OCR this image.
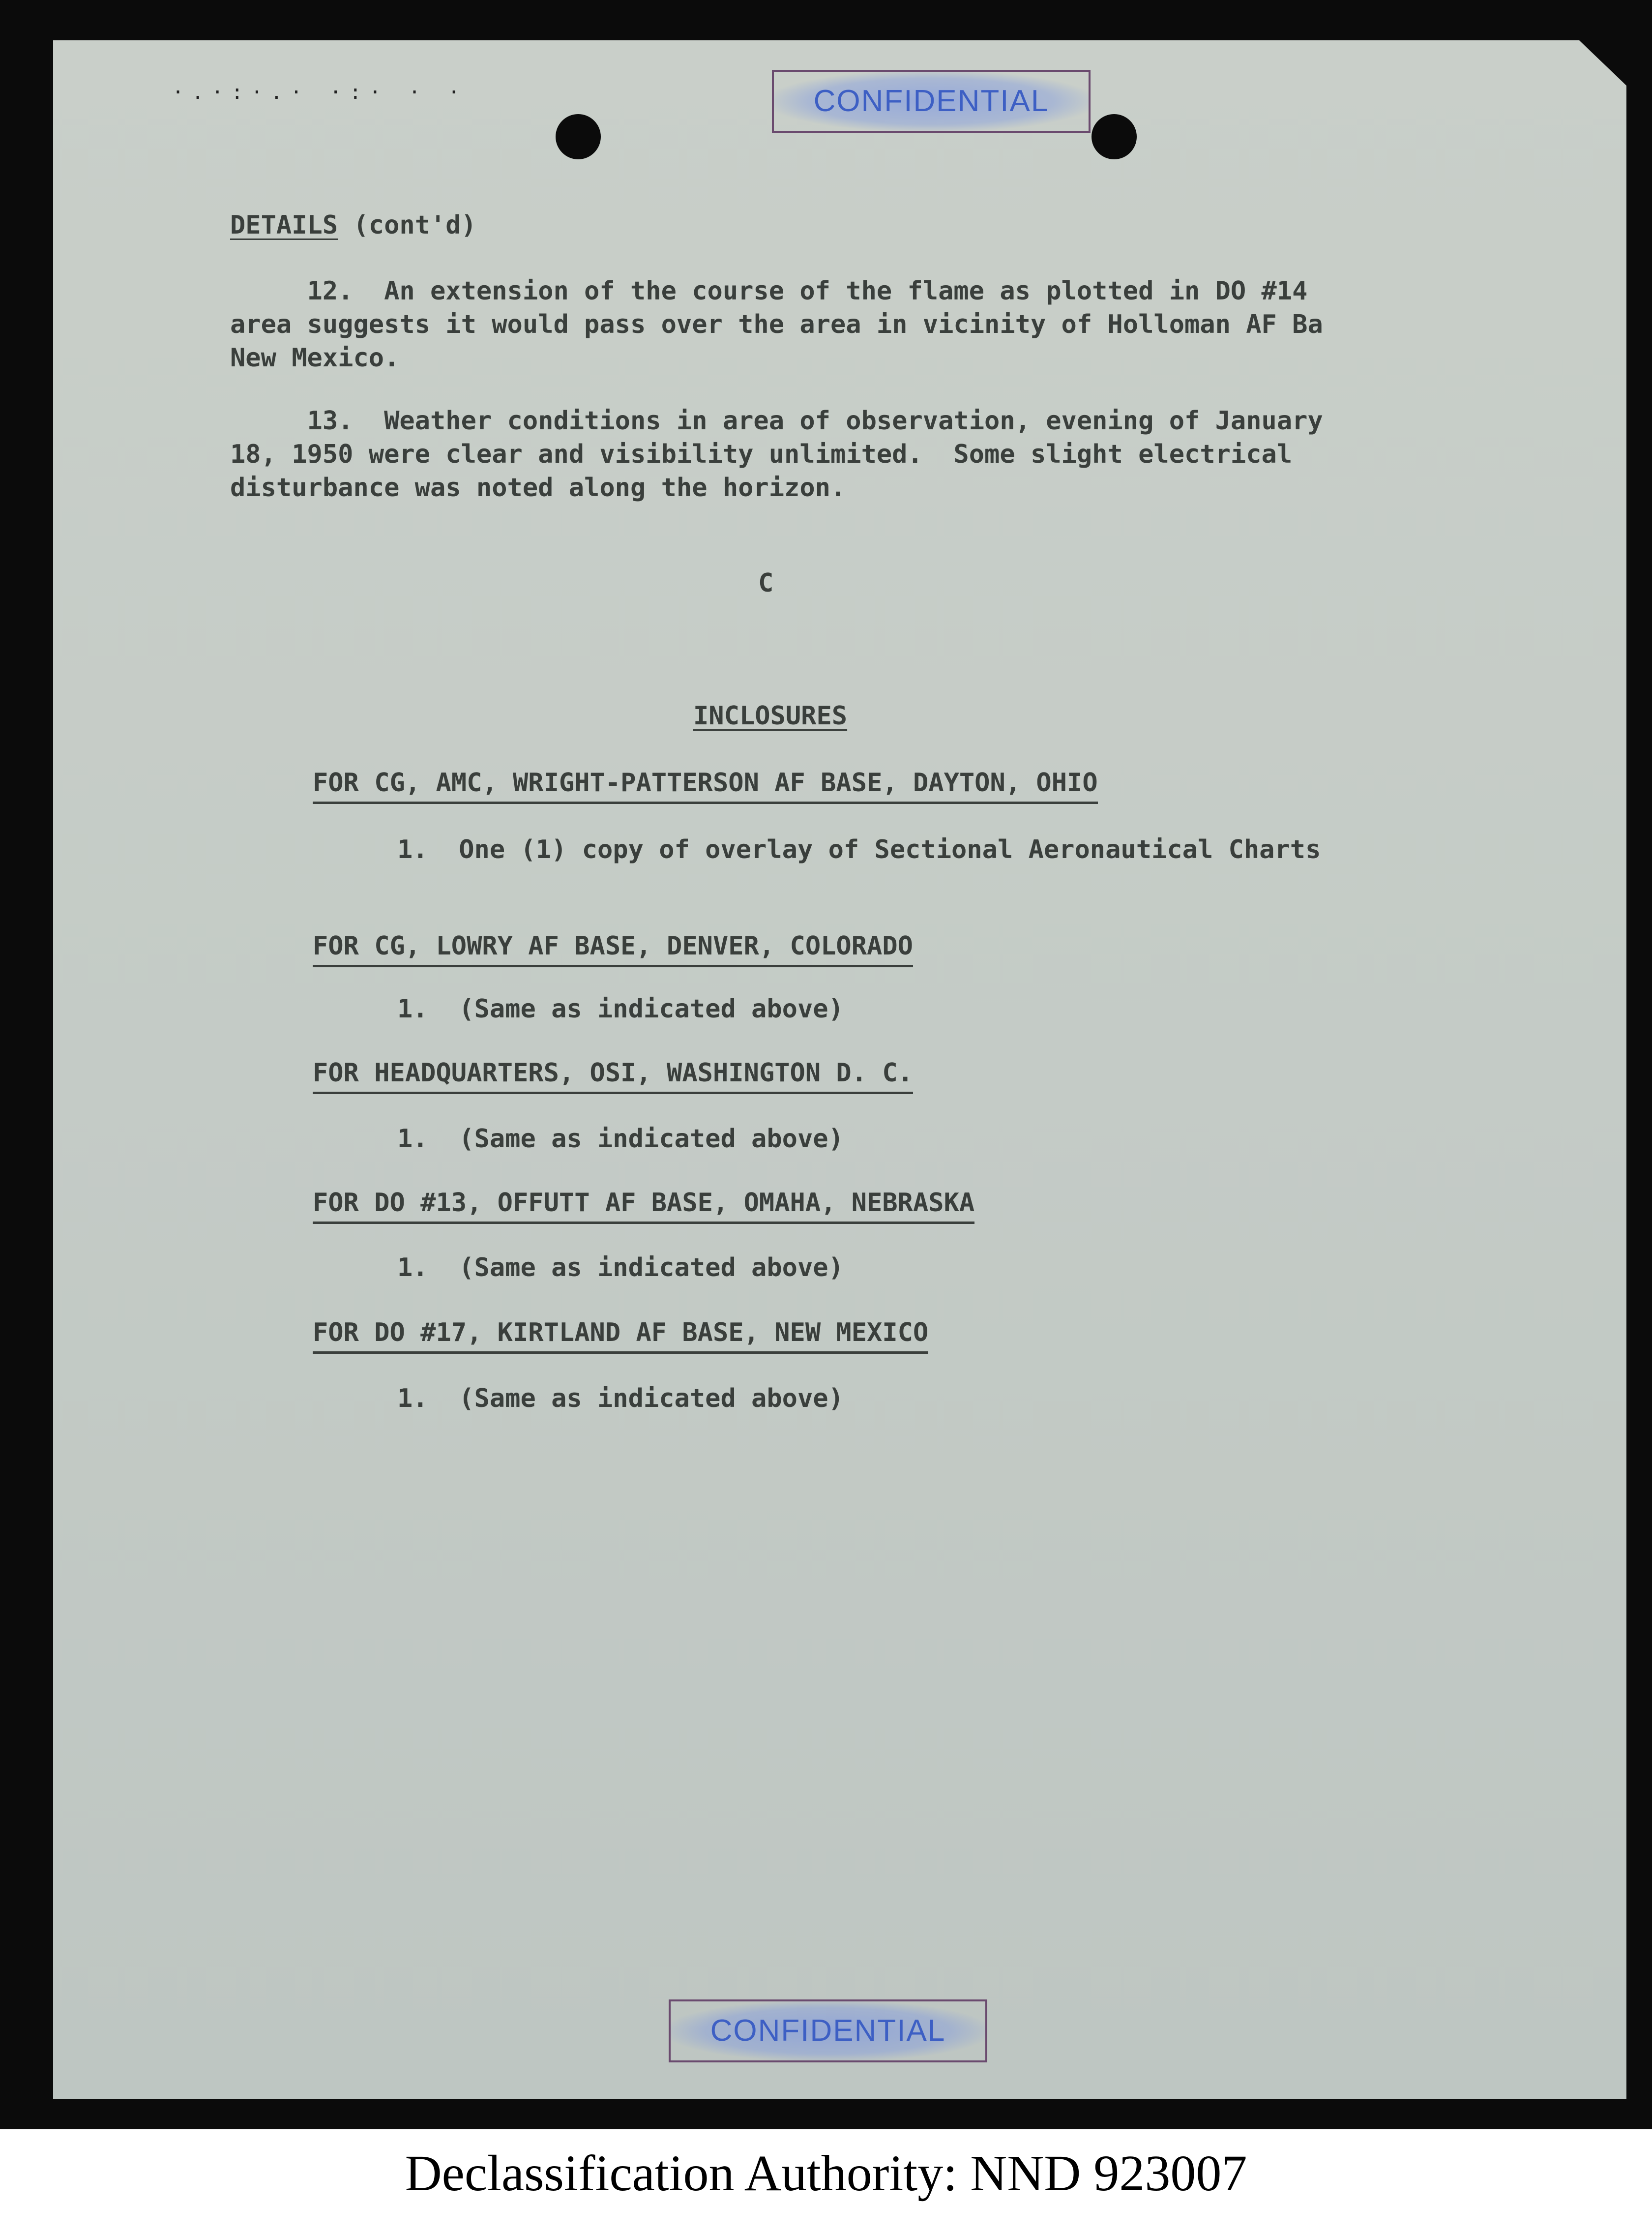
·.·:·.· ·:· · ·	CONFIDENTIAL
DETAILS (cont'd)
12.  An extension of the course of the flame as plotted in DO #14
area suggests it would pass over the area in vicinity of Holloman AF Ba
New Mexico.
13.  Weather conditions in area of observation, evening of January
18, 1950 were clear and visibility unlimited.  Some slight electrical
disturbance was noted along the horizon.
C
INCLOSURES
FOR CG, AMC, WRIGHT-PATTERSON AF BASE, DAYTON, OHIO
1.  One (1) copy of overlay of Sectional Aeronautical Charts
FOR CG, LOWRY AF BASE, DENVER, COLORADO
1.  (Same as indicated above)
FOR HEADQUARTERS, OSI, WASHINGTON D. C.
1.  (Same as indicated above)
FOR DO #13, OFFUTT AF BASE, OMAHA, NEBRASKA
1.  (Same as indicated above)
FOR DO #17, KIRTLAND AF BASE, NEW MEXICO
1.  (Same as indicated above)
CONFIDENTIAL
Declassification Authority: NND 923007
